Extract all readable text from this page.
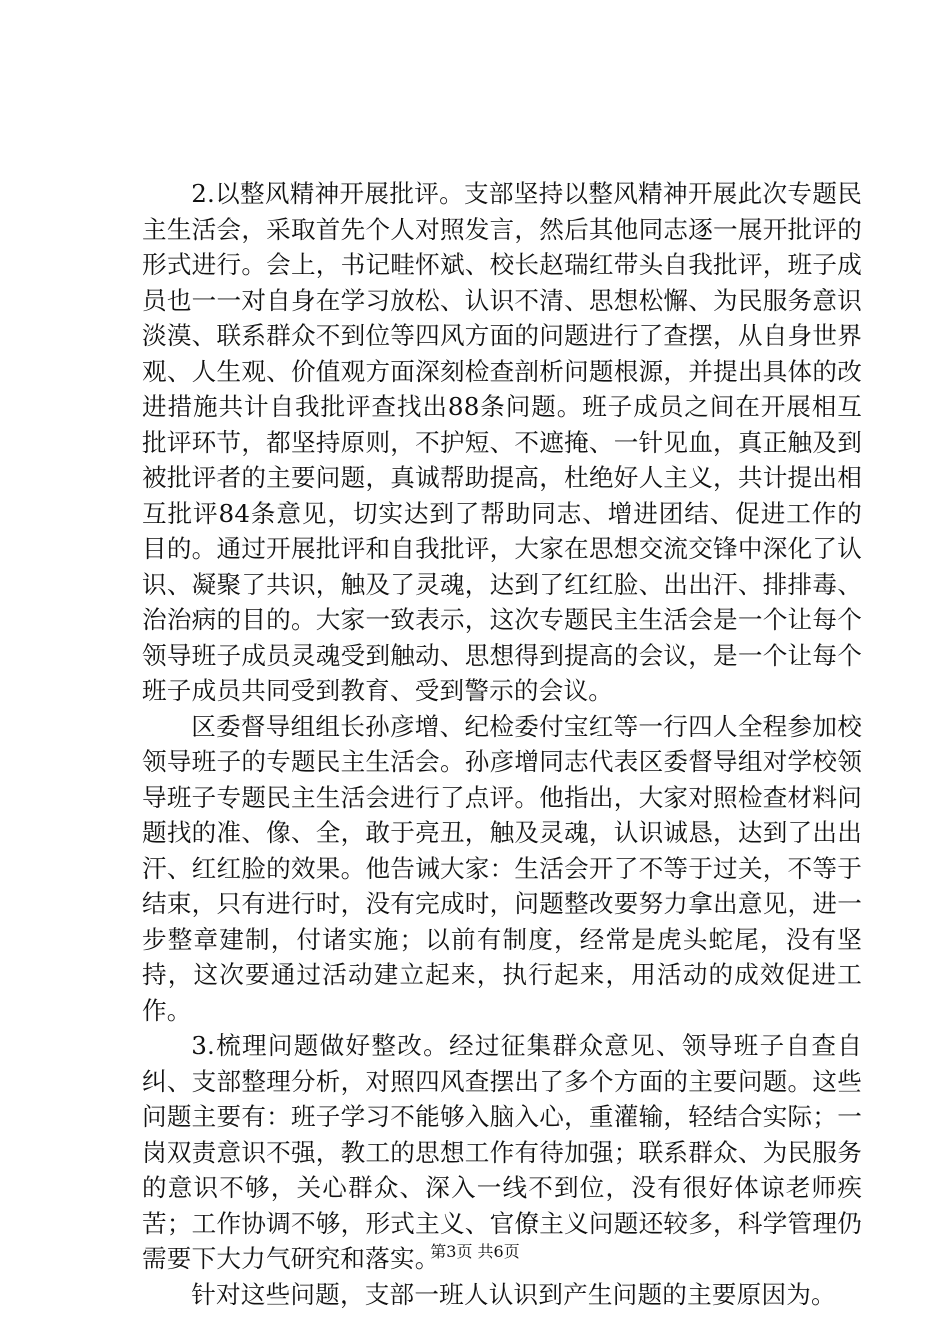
2.以整风精神开展批评。支部坚持以整风精神开展此次专题民主生活会，采取首先个人对照发言，然后其他同志逐一展开批评的形式进行。会上，书记畦怀斌、校长赵瑞红带头自我批评，班子成员也一一对自身在学习放松、认识不清、思想松懈、为民服务意识淡漠、联系群众不到位等四风方面的问题进行了查摆，从自身世界观、人生观、价值观方面深刻检查剖析问题根源，并提出具体的改进措施共计自我批评查找出88条问题。班子成员之间在开展相互批评环节，都坚持原则，不护短、不遮掩、一针见血，真正触及到被批评者的主要问题，真诚帮助提高，杜绝好人主义，共计提出相互批评84条意见，切实达到了帮助同志、增进团结、促进工作的目的。通过开展批评和自我批评，大家在思想交流交锋中深化了认识、凝聚了共识，触及了灵魂，达到了红红脸、出出汗、排排毒、治治病的目的。大家一致表示，这次专题民主生活会是一个让每个领导班子成员灵魂受到触动、思想得到提高的会议，是一个让每个班子成员共同受到教育、受到警示的会议。

区委督导组组长孙彦增、纪检委付宝红等一行四人全程参加校领导班子的专题民主生活会。孙彦增同志代表区委督导组对学校领导班子专题民主生活会进行了点评。他指出，大家对照检查材料问题找的准、像、全，敢于亮丑，触及灵魂，认识诚恳，达到了出出汗、红红脸的效果。他告诫大家：生活会开了不等于过关，不等于结束，只有进行时，没有完成时，问题整改要努力拿出意见，进一步整章建制，付诸实施；以前有制度，经常是虎头蛇尾，没有坚持，这次要通过活动建立起来，执行起来，用活动的成效促进工作。

3.梳理问题做好整改。经过征集群众意见、领导班子自查自纠、支部整理分析，对照四风查摆出了多个方面的主要问题。这些问题主要有：班子学习不能够入脑入心，重灌输，轻结合实际；一岗双责意识不强，教工的思想工作有待加强；联系群众、为民服务的意识不够，关心群众、深入一线不到位，没有很好体谅老师疾苦；工作协调不够，形式主义、官僚主义问题还较多，科学管理仍需要下大力气研究和落实。

针对这些问题，支部一班人认识到产生问题的主要原因为。

第3页 共6页
